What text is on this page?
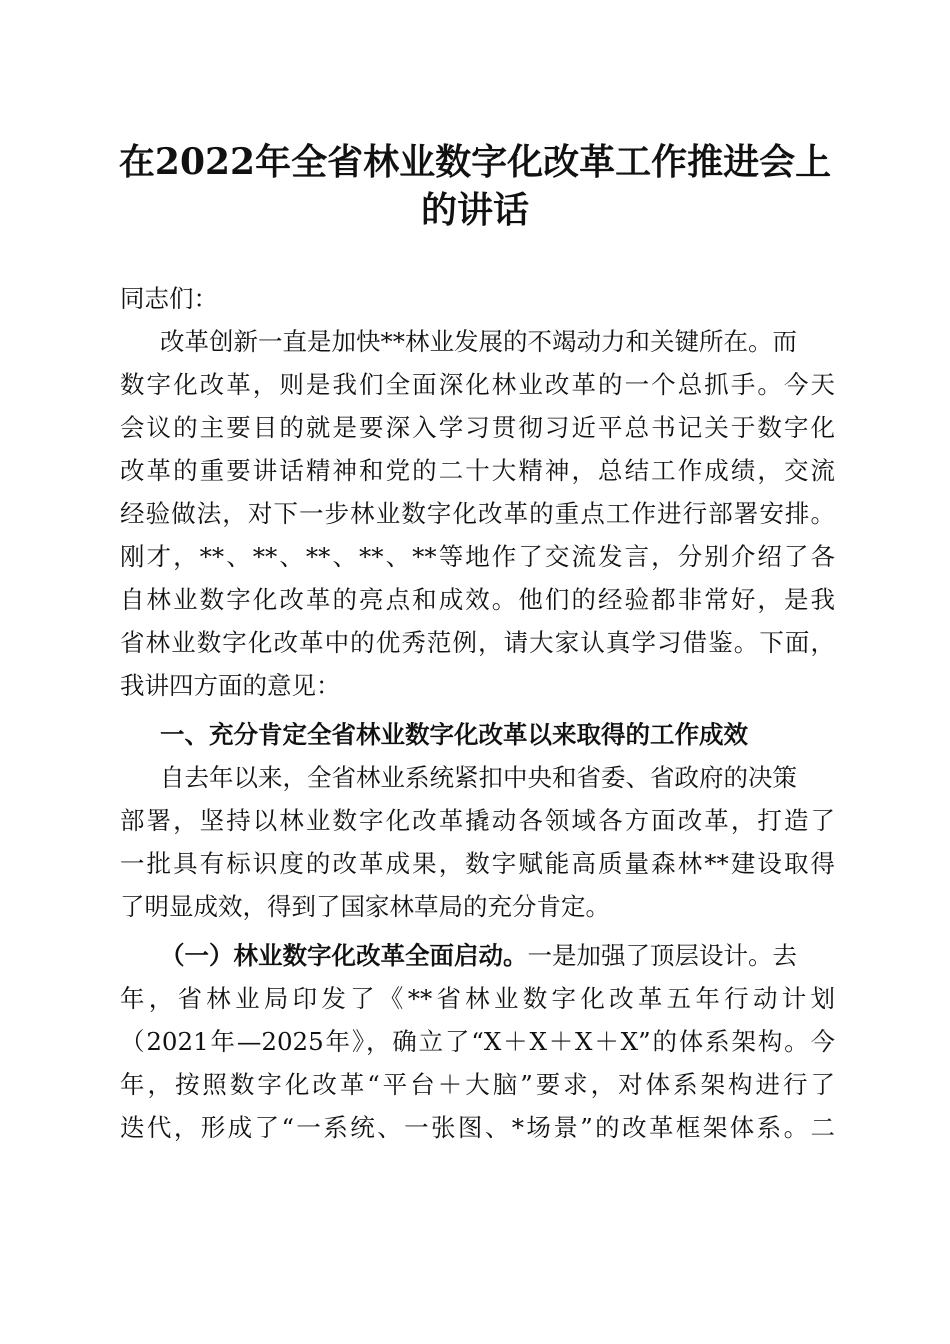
在2022年全省林业数字化改革工作推进会上
的讲话
同志们：
改革创新一直是加快**林业发展的不竭动力和关键所在。而
数字化改革，则是我们全面深化林业改革的一个总抓手。今天
会议的主要目的就是要深入学习贯彻习近平总书记关于数字化
改革的重要讲话精神和党的二十大精神，总结工作成绩，交流
经验做法，对下一步林业数字化改革的重点工作进行部署安排。
刚才，**、**、**、**、**等地作了交流发言，分别介绍了各
自林业数字化改革的亮点和成效。他们的经验都非常好，是我
省林业数字化改革中的优秀范例，请大家认真学习借鉴。下面，
我讲四方面的意见：
一、充分肯定全省林业数字化改革以来取得的工作成效
自去年以来，全省林业系统紧扣中央和省委、省政府的决策
部署，坚持以林业数字化改革撬动各领域各方面改革，打造了
一批具有标识度的改革成果，数字赋能高质量森林**建设取得
了明显成效，得到了国家林草局的充分肯定。
（一）林业数字化改革全面启动。一是加强了顶层设计。去
年，省林业局印发了《**省林业数字化改革五年行动计划
（2021年—2025年》，确立了“X＋X＋X＋X”的体系架构。今
年，按照数字化改革“平台＋大脑”要求，对体系架构进行了
迭代，形成了“一系统、一张图、*场景”的改革框架体系。二
